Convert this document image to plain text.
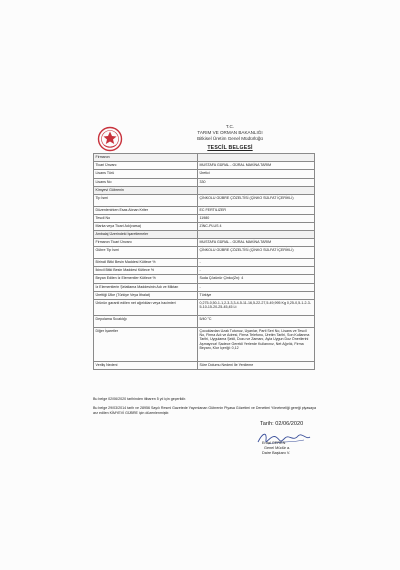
T.C.
TARIM VE ORMAN BAKANLIĞI
Bitkisel Üretim Genel Müdürlüğü
TESCİL BELGESİ
Firmanın	
Ticari Ünvanı	MUSTAFA GÜRAL - GÜRAL MAKİNA TARIM
Lisans Türü	Üretici
Lisans No	330
Kimyevi Gübrenin	
Tip İsmi	ÇİNKOLU GÜBRE ÇÖZELTİSİ (ÇİNKO SÜLFAT İÇERİKLİ)
Düzenlenirken Esas Alınan Kriter	EC FERTILIZER
Tescil No	11980
Marka veya Ticari Adı(varsa)	ZİNC-PLUS 4
Ambalaj Üzerindeki İşaretlemeler	
Firmanın Ticari Ünvanı	MUSTAFA GÜRAL - GÜRAL MAKİNA TARIM
Gübre Tip İsmi	ÇİNKOLU GÜBRE ÇÖZELTİSİ (ÇİNKO SÜLFAT İÇERİKLİ)
Birincil Bitki Besin Maddesi Kütlece %	-
İkincil Bitki Besin Maddesi Kütlece %	-
Beyan Edilen İz Elementler Kütlece %	Suda Çözünür Çinko(Zn): 4
İz Elementlerin Şelatlama Maddesinin Adı ve Miktarı	-
Ürettiği Ülke (Türkiye Veya İthalat)	Türkiye
Ürünün garanti edilen net ağırlıkları veya hacimleri	0,275-0,50-1-1,2-3-3,3-4-5-11-16,5-22-27,5-49,995 Kg 0,25-0,5-1-2-3-5-10-15-20-25-45,45 Lt
Depolama Sıcaklığı	5/40 °C
Diğer İşaretler	Çocuklardan Uzak Tutunuz, Uyarılar, Parti Seri No, Lisans ve Tescil No, Firma Adı ve Adresi, Firma Telefonu, Üretim Tarihi, Son Kullanma Tarihi, Uygulama Şekli, Dozu ve Zamanı, Ayla Uygun Doz Önerilerini Aşmayınız! Sadece Gerekli Yerlerde Kullanınız, Net Ağırlık, Firma Beyanı, Klor İçeriği: 0,12
Veriliş Nedeni	Süre Dolumu Nedeni İle Yenileme
Bu belge 02/06/2020 tarihinden itibaren 5 yıl için geçerlidir.
Bu belge 29/03/2014 tarih ve 28956 Sayılı Resmi Gazetede Yayımlanan Gübrenin Piyasa Gözetimi ve Denetimi Yönetmeliği gereği piyasaya arz edilen KİMYEVİ GÜBRE için düzenlenmiştir.
Tarih: 02/06/2020
Erdal GEREN
Genel Müdür a.
Daire Başkanı V.
